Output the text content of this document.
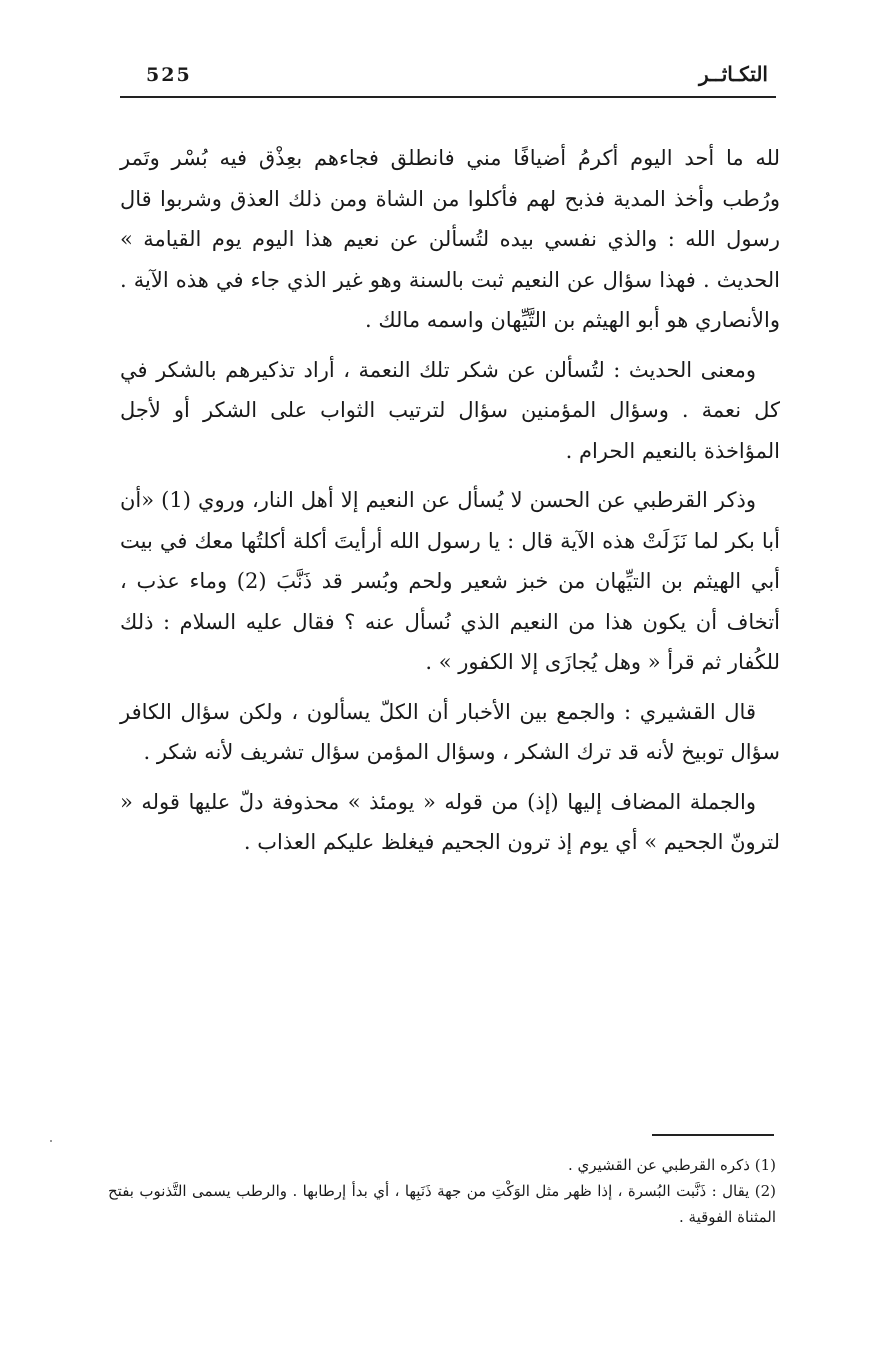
525	التكـاثــر

لله ما أحد اليوم أكرمُ أضيافًا مني فانطلق فجاءهم بعِذْق فيه بُسْر وتَمر ورُطب وأخذ المدية فذبح لهم فأكلوا من الشاة ومن ذلك العذق وشربوا قال رسول الله : والذي نفسي بيده لتُسألن عن نعيم هذا اليوم يوم القيامة » الحديث . فهذا سؤال عن النعيم ثبت بالسنة وهو غير الذي جاء في هذه الآية . والأنصاري هو أبو الهيثم بن التَّيِّهان واسمه مالك .

ومعنى الحديث : لتُسألن عن شكر تلك النعمة ، أراد تذكيرهم بالشكر في كل نعمة . وسؤال المؤمنين سؤال لترتيب الثواب على الشكر أو لأجل المؤاخذة بالنعيم الحرام .

وذكر القرطبي عن الحسن لا يُسأل عن النعيم إلا أهل النار، وروي (1) «أن أبا بكر لما نَزَلَتْ هذه الآية قال : يا رسول الله أرأيتَ أكلة أكلتُها معك في بيت أبي الهيثم بن التيِّهان من خبز شعير ولحم وبُسر قد ذَنَّبَ (2) وماء عذب ، أتخاف أن يكون هذا من النعيم الذي نُسأل عنه ؟ فقال عليه السلام : ذلك للكُفار ثم قرأ « وهل يُجازَى إلا الكفور » .

قال القشيري : والجمع بين الأخبار أن الكلّ يسألون ، ولكن سؤال الكافر سؤال توبيخ لأنه قد ترك الشكر ، وسؤال المؤمن سؤال تشريف لأنه شكر .

والجملة المضاف إليها (إذ) من قوله « يومئذ » محذوفة دلّ عليها قوله « لترونّ الجحيم » أي يوم إذ ترون الجحيم فيغلظ عليكم العذاب .

(1) ذكره القرطبي عن القشيري .

(2) يقال : ذَنَّبت البُسرة ، إذا ظهر مثل الوَكْتِ من جهة ذَنَبِها ، أي بدأ إرطابها . والرطب يسمى التَّذنوب بفتح المثناة الفوقية .
